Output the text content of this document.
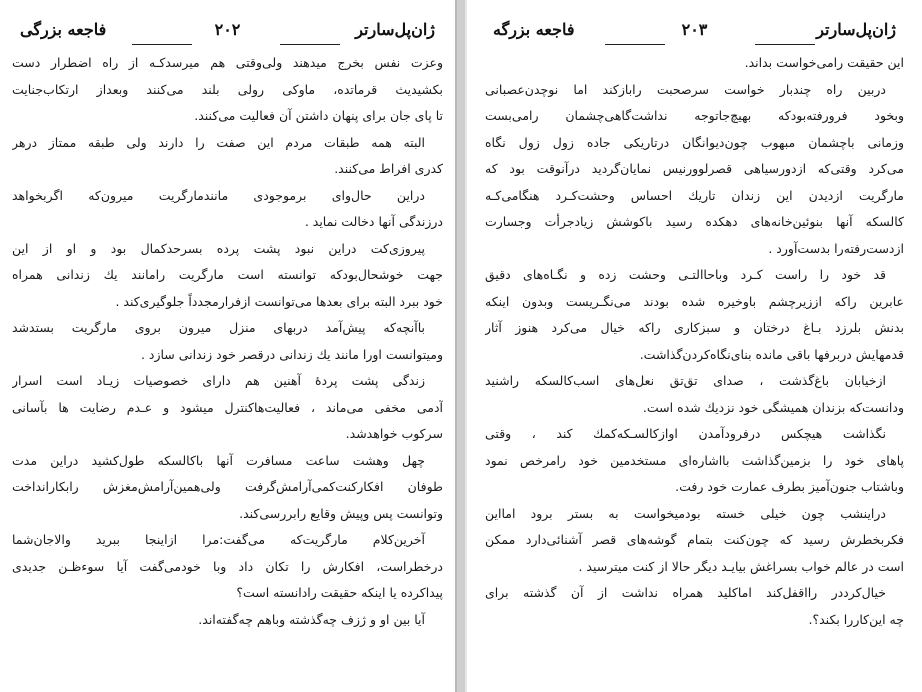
فاجعه بزرگی	۲۰۲	ژان‌پل‌سارتر
وعزت نفس بخرج میدهند ولی‌وقتی هم میرسدکـه از راه اضطرار دست
بکشیدیث قرماتده، ماوکی رولی بلند می‌کنند وبعداز ارتکاب‌جنایت
تا پای جان برای پنهان داشتن آن فعالیت می‌کنند.
البته همه طبقات مردم این صفت را دارند ولی طبقه ممتاز درهر
کدری افراط می‌کنند.
دراین حال‌وای برموجودی مانندمارگریت میرون‌که اگربخواهد
درزندگی آنها دخالت نماید .
پیروزی‌کت دراین نبود پشت پرده بسرحدکمال بود و او از این
جهت خوشحال‌بودکه توانسته است مارگریت را‌مانند یك زندانی همراه
خود ببرد البته برای بعدها می‌توانست ازفرارمجدداً جلوگیری‌کند .
باآنچه‌که پیش‌آمد دربهای منزل میرون بروی مارگریت بستدشد
ومیتوانست اورا مانند یك زندانی درقصر خود زندانی سازد .
زندگی پشت پردهٔ آهنین هم دارای خصوصیات زیـاد است اسرار
آدمی مخفی می‌ماند ، فعالیت‌هاکنترل میشود و عـدم رضایت ها بآسانی
سرکوب خواهدشد.
چهل وهشت ساعت مسافرت آنها باکالسکه طول‌کشید دراین مدت
طوفان افکارکنت‌کمی‌آرامش‌گرفت ولی‌همین‌آرامش‌مغزش رابکارانداخت
وتوانست پس وپیش وقایع رابررسی‌کند.
آخرین‌کلام مارگریت‌که می‌گفت:مرا ازاینجا ببرید والاجان‌شما
درخطراست، افکارش را تکان داد وبا خودمی‌گفت آیا سوءظـن جدیدی
پیداکرده یا اینکه حقیقت رادانسته است؟
آیا بین او و ژزف چه‌گذشته وباهم چه‌گفته‌اند.
فاجعه بزرگه	۲۰۳	ژان‌پل‌سارتر
این حقیقت رامی‌خواست بداند.
دربین راه چندبار خواست سرصحبت رابازکند اما ‌نوچدن‌عصبانی
وبخود فرورفته‌بودکه بهیچ‌جاتوجه نداشت‌گاهی‌چشمان رامی‌بست
وزمانی باچشمان مبهوب چون‌دیوانگان درتاریکی جاده زول زول نگاه
می‌کرد وقتی‌که ازدورسیاهی قصرلوورنیس نمایان‌گردید درآنوقت بود که
مارگریت ازدیدن این زندان تاریك احساس وحشت‌کـرد هنگامی‌کـه
کالسکه آنها بنوئین‌خانه‌های دهکده رسید باکوشش زیادجرأت وجسارت
ازدست‌رفته‌را بدست‌آورد .
قد خود را راست کـرد وباحاالتـی وحشت زده و نگـاه‌های دقیق
عابرین راکه اززیرچشم باوخیره شده بودند می‌نگـریست وبدون اینکه
بدنش بلرزد بـاغ درختان و سبزکاری راکه خیال می‌کرد هنوز آثار
قدمهایش دربرفها باقی مانده بنای‌نگاه‌کردن‌گذاشت.
ازخیابان باغ‌گذشت ، صدای تق‌تق نعل‌های اسب‌کالسکه راشنید
ودانست‌که بزندان همیشگی خود نزدیك شده است.
نگذاشت هیچکس درفرودآمدن اوازکالسـکه‌کمك کند ، وقتی
پاهای خود را بزمین‌گذاشت بااشاره‌ای مستخدمین خود رامرخص نمود
وباشتاب جنون‌آمیز بطرف عمارت خود رفت.
دراینشب چون خیلی خسته بودمیخواست به بستر برود امااین
فکربخطرش رسید که چون‌کنت بتمام گوشه‌های قصر آشنائی‌دارد ممکن
است در عالم خواب بسراغش بیایـد دیگر حالا از کنت میترسید .
خیال‌کرددر رااقفل‌کند اماکلید همراه نداشت از آن گذشته برای
چه این‌کاررا بکند؟.
